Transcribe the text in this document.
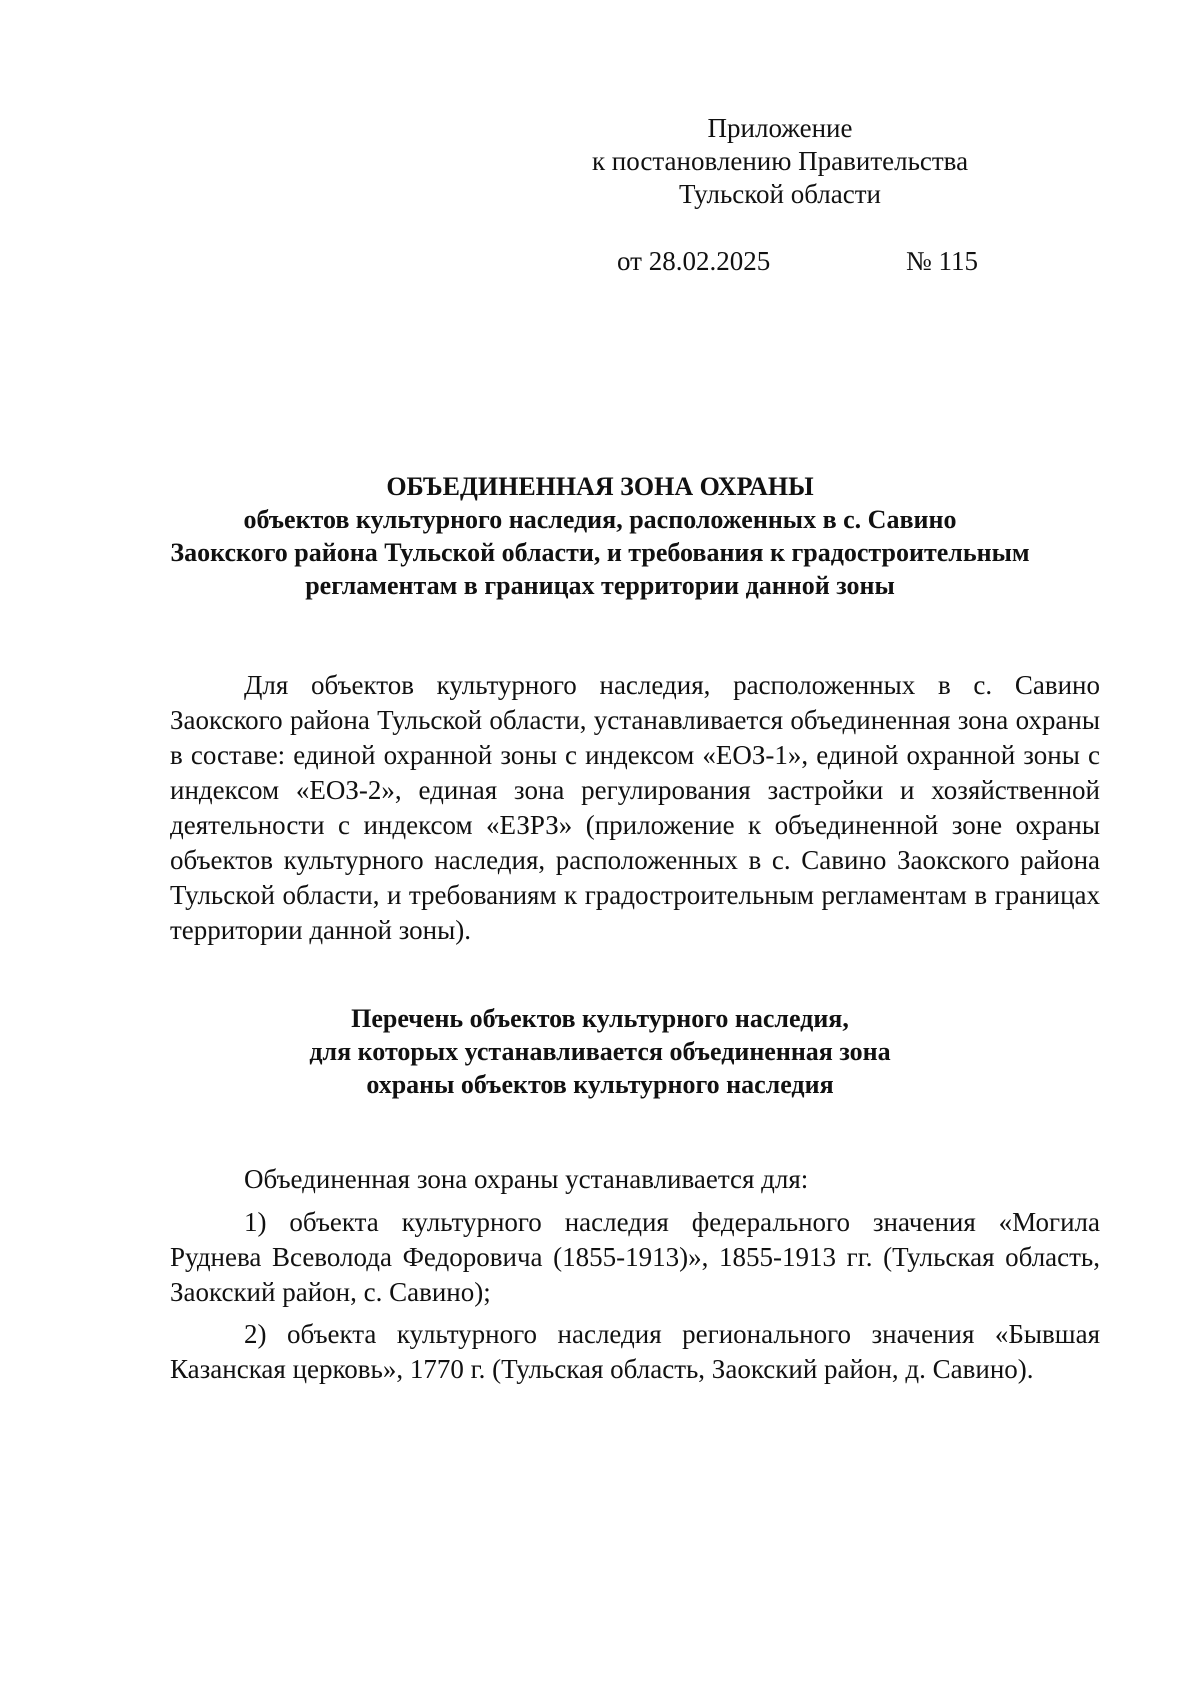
Приложение
к постановлению Правительства
Тульской области
от 28.02.2025	№ 115
ОБЪЕДИНЕННАЯ ЗОНА ОХРАНЫ
объектов культурного наследия, расположенных в с. Савино
Заокского района Тульской области, и требования к градостроительным
регламентам в границах территории данной зоны
Для объектов культурного наследия, расположенных в с. Савино Заокского района Тульской области, устанавливается объединенная зона охраны в составе: единой охранной зоны с индексом «ЕОЗ-1», единой охранной зоны с индексом «ЕОЗ-2», единая зона регулирования застройки и хозяйственной деятельности с индексом «ЕЗРЗ» (приложение к объединенной зоне охраны объектов культурного наследия, расположенных в с. Савино Заокского района Тульской области, и требованиям к градостроительным регламентам в границах территории данной зоны).
Перечень объектов культурного наследия,
для которых устанавливается объединенная зона
охраны объектов культурного наследия
Объединенная зона охраны устанавливается для:
1) объекта культурного наследия федерального значения «Могила Руднева Всеволода Федоровича (1855-1913)», 1855-1913 гг. (Тульская область, Заокский район, с. Савино);
2) объекта культурного наследия регионального значения «Бывшая Казанская церковь», 1770 г. (Тульская область, Заокский район, д. Савино).
